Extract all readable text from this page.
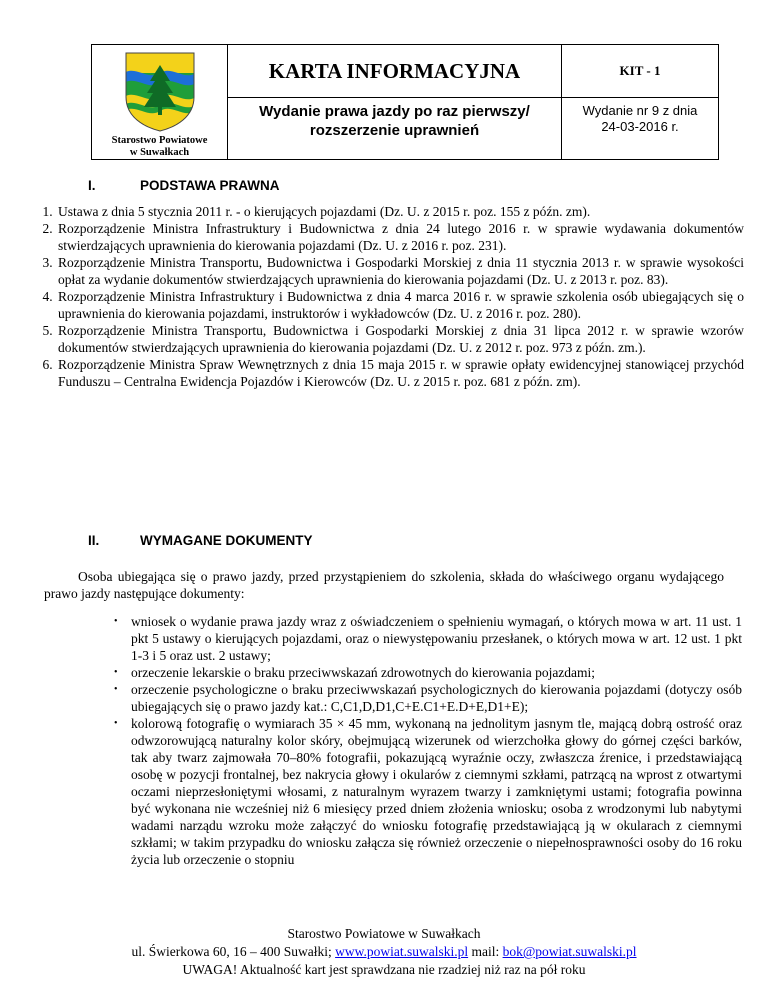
Starostwo Powiatowe
w Suwałkach
KARTA INFORMACYJNA	KIT - 1
Wydanie prawa jazdy po raz pierwszy/
rozszerzenie uprawnień
Wydanie nr 9 z dnia
24-03-2016 r.
I.	PODSTAWA PRAWNA
1. Ustawa z dnia 5 stycznia 2011 r. - o kierujących pojazdami (Dz. U. z 2015 r. poz. 155 z późn. zm).
2. Rozporządzenie Ministra Infrastruktury i Budownictwa z dnia 24 lutego 2016 r. w sprawie wydawania dokumentów stwierdzających uprawnienia do kierowania pojazdami (Dz. U. z 2016 r. poz. 231).
3. Rozporządzenie Ministra Transportu, Budownictwa i Gospodarki Morskiej z dnia 11 stycznia 2013 r. w sprawie wysokości opłat za wydanie dokumentów stwierdzających uprawnienia do kierowania pojazdami (Dz. U. z 2013 r. poz. 83).
4. Rozporządzenie Ministra Infrastruktury i Budownictwa z dnia 4 marca 2016 r. w sprawie szkolenia osób ubiegających się o uprawnienia do kierowania pojazdami, instruktorów i wykładowców (Dz. U. z 2016 r. poz. 280).
5. Rozporządzenie Ministra Transportu, Budownictwa i Gospodarki Morskiej z dnia 31 lipca 2012 r. w sprawie wzorów dokumentów stwierdzających uprawnienia do kierowania pojazdami (Dz. U. z 2012 r. poz. 973 z późn. zm.).
6. Rozporządzenie Ministra Spraw Wewnętrznych z dnia 15 maja 2015 r. w sprawie opłaty ewidencyjnej stanowiącej przychód Funduszu – Centralna Ewidencja Pojazdów i Kierowców (Dz. U. z 2015 r. poz. 681 z późn. zm).
II.	WYMAGANE DOKUMENTY
Osoba ubiegająca się o prawo jazdy, przed przystąpieniem do szkolenia, składa do właściwego organu wydającego prawo jazdy następujące dokumenty:
• wniosek o wydanie prawa jazdy wraz z oświadczeniem o spełnieniu wymagań, o których mowa w art. 11 ust. 1 pkt 5 ustawy o kierujących pojazdami, oraz o niewystępowaniu przesłanek, o których mowa w art. 12 ust. 1 pkt 1-3 i 5 oraz ust. 2 ustawy;
• orzeczenie lekarskie o braku przeciwwskazań zdrowotnych do kierowania pojazdami;
• orzeczenie psychologiczne o braku przeciwwskazań psychologicznych do kierowania pojazdami (dotyczy osób ubiegających się o prawo jazdy kat.: C,C1,D,D1,C+E.C1+E.D+E,D1+E);
• kolorową fotografię o wymiarach 35 × 45 mm, wykonaną na jednolitym jasnym tle, mającą dobrą ostrość oraz odwzorowującą naturalny kolor skóry, obejmującą wizerunek od wierzchołka głowy do górnej części barków, tak aby twarz zajmowała 70–80% fotografii, pokazującą wyraźnie oczy, zwłaszcza źrenice, i przedstawiającą osobę w pozycji frontalnej, bez nakrycia głowy i okularów z ciemnymi szkłami, patrzącą na wprost z otwartymi oczami nieprzesłoniętymi włosami, z naturalnym wyrazem twarzy i zamkniętymi ustami; fotografia powinna być wykonana nie wcześniej niż 6 miesięcy przed dniem złożenia wniosku; osoba z wrodzonymi lub nabytymi wadami narządu wzroku może załączyć do wniosku fotografię przedstawiającą ją w okularach z ciemnymi szkłami; w takim przypadku do wniosku załącza się również orzeczenie o niepełnosprawności osoby do 16 roku życia lub orzeczenie o stopniu
Starostwo Powiatowe w Suwałkach
ul. Świerkowa 60, 16 – 400 Suwałki; www.powiat.suwalski.pl mail: bok@powiat.suwalski.pl
UWAGA! Aktualność kart jest sprawdzana nie rzadziej niż raz na pół roku
